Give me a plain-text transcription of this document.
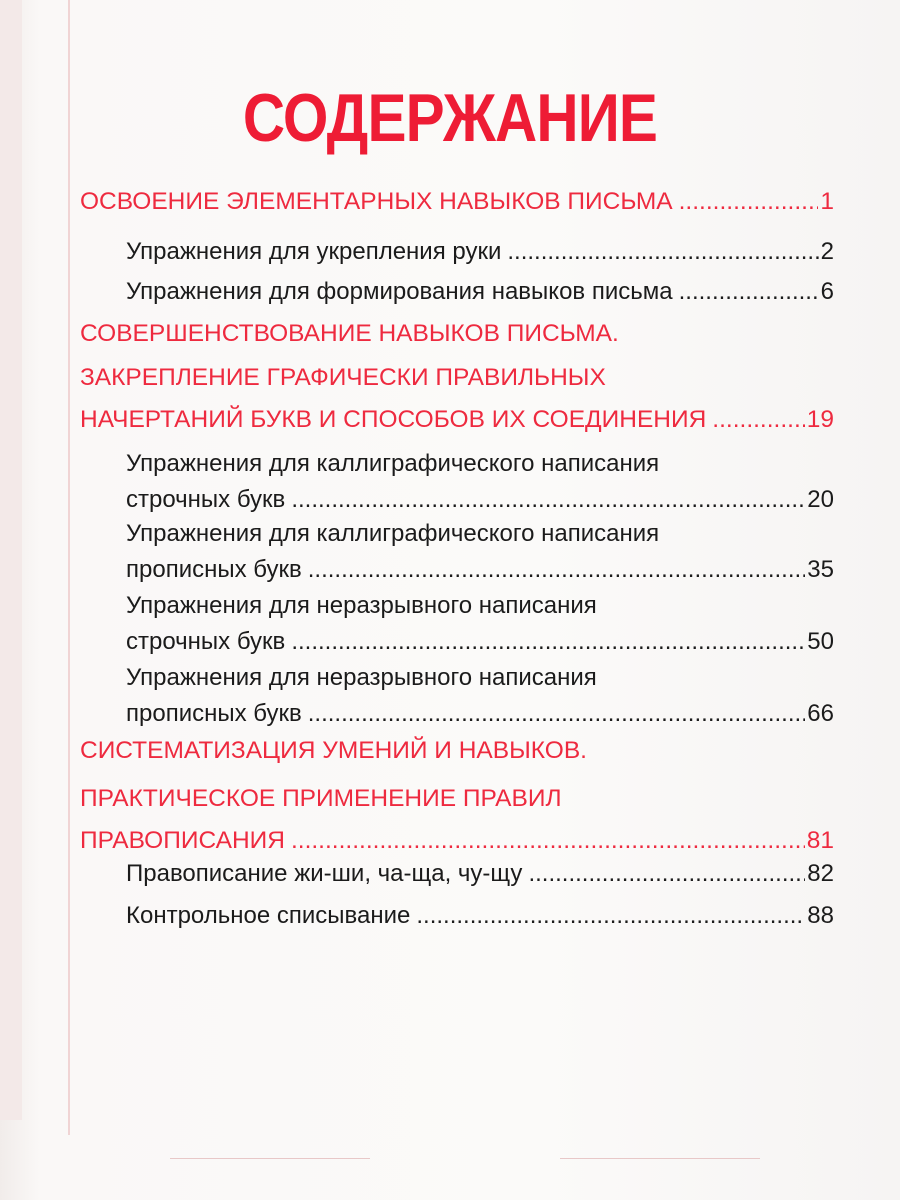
СОДЕРЖАНИЕ
ОСВОЕНИЕ ЭЛЕМЕНТАРНЫХ НАВЫКОВ ПИСЬМА .....	1
Упражнения для укрепления руки .....	2
Упражнения для формирования навыков письма .....	6
СОВЕРШЕНСТВОВАНИЕ НАВЫКОВ ПИСЬМА.
ЗАКРЕПЛЕНИЕ ГРАФИЧЕСКИ ПРАВИЛЬНЫХ
НАЧЕРТАНИЙ БУКВ И СПОСОБОВ ИХ СОЕДИНЕНИЯ .....	19
Упражнения для каллиграфического написания
строчных букв .....	20
Упражнения для каллиграфического написания
прописных букв .....	35
Упражнения для неразрывного написания
строчных букв .....	50
Упражнения для неразрывного написания
прописных букв .....	66
СИСТЕМАТИЗАЦИЯ УМЕНИЙ И НАВЫКОВ.
ПРАКТИЧЕСКОЕ ПРИМЕНЕНИЕ ПРАВИЛ
ПРАВОПИСАНИЯ .....	81
Правописание жи-ши, ча-ща, чу-щу .....	82
Контрольное списывание .....	88
